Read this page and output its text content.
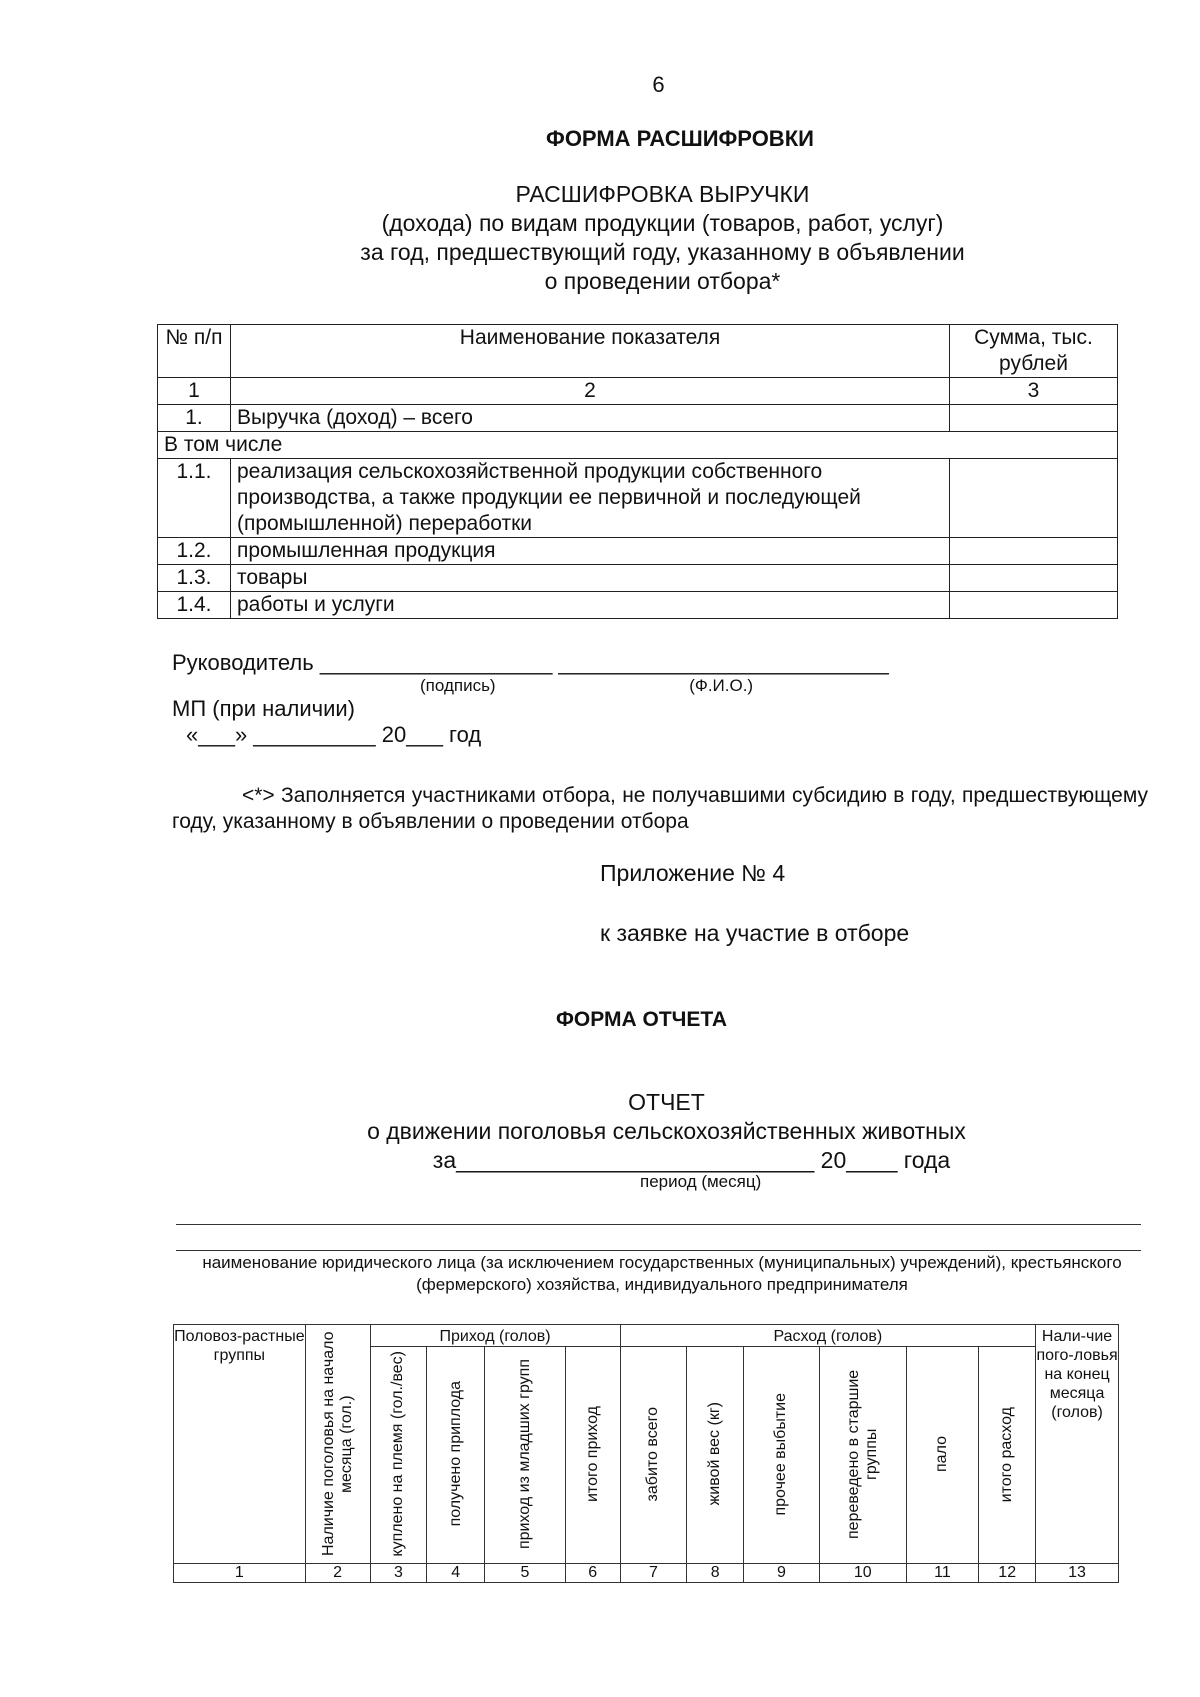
6
ФОРМА РАСШИФРОВКИ
РАСШИФРОВКА ВЫРУЧКИ
(дохода) по видам продукции (товаров, работ, услуг)
за год, предшествующий году, указанному в объявлении
о проведении отбора*
№ п/п	Наименование показателя	Сумма, тыс. рублей
1	2	3
1.	Выручка (доход) – всего	
В том числе		
1.1.	реализация сельскохозяйственной продукции собственного производства, а также продукции ее первичной и последующей (промышленной) переработки	
1.2.	промышленная продукция	
1.3.	товары	
1.4.	работы и услуги	
Руководитель ___________________ ___________________________
(подпись)                                         (Ф.И.О.)
МП (при наличии)
«___» __________ 20___ год
<*> Заполняется участниками отбора, не получавшими субсидию в году, предшествующему году, указанному в объявлении о проведении отбора
Приложение № 4
к заявке на участие в отборе
ФОРМА ОТЧЕТА
ОТЧЕТ
о движении поголовья сельскохозяйственных животных
за____________________________ 20____ года
период (месяц)
наименование юридического лица (за исключением государственных (муниципальных) учреждений), крестьянского (фермерского) хозяйства, индивидуального предпринимателя
Половоз-растные группы	Наличие поголовья на начало месяца (гол.)	Приход (голов)				Расход (голов)						Нали-чие пого-ловья на конец месяца (голов)

		куплено на племя (гол./вес)	получено приплода	приход из младших групп	итого приход	забито всего	живой вес (кг)	прочее выбытие	переведено в старшие группы	пало	итого расход	

1	2	3	4	5	6	7	8	9	10	11	12	13
